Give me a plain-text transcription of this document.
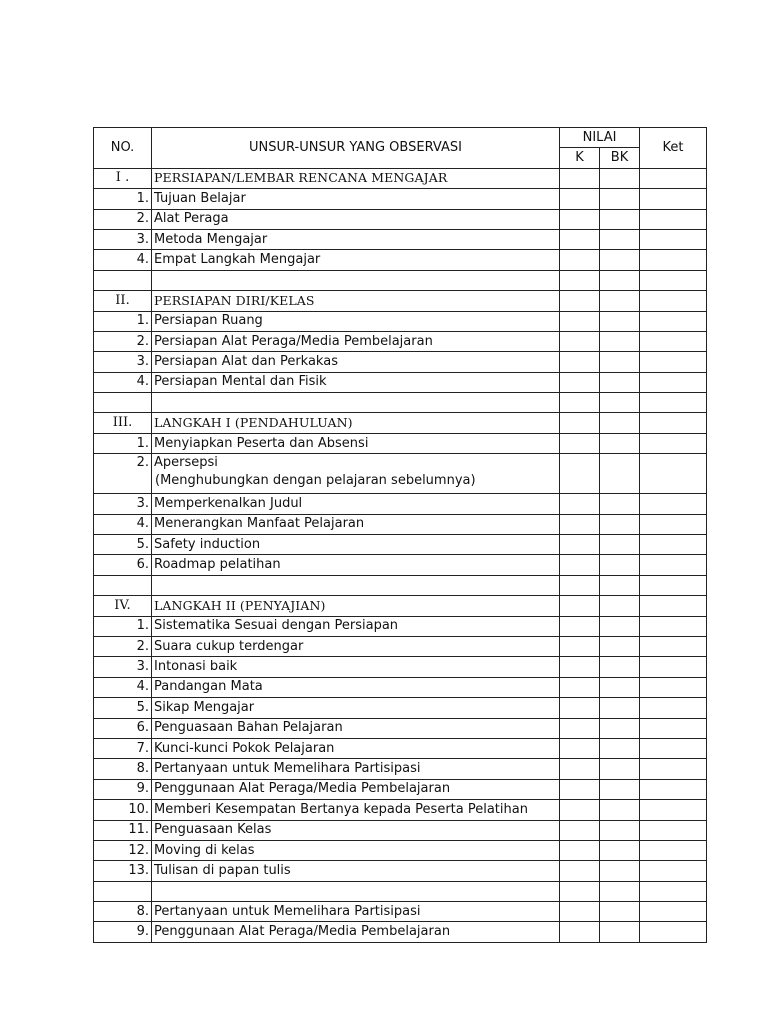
NO.	UNSUR-UNSUR YANG OBSERVASI	NILAI		Ket
		K	BK	
I .	PERSIAPAN/LEMBAR RENCANA MENGAJAR			
1.	Tujuan Belajar			
2.	Alat Peraga			
3.	Metoda Mengajar			
4.	Empat Langkah Mengajar			

II.	PERSIAPAN DIRI/KELAS			
1.	Persiapan Ruang			
2.	Persiapan Alat Peraga/Media Pembelajaran			
3.	Persiapan Alat dan Perkakas			
4.	Persiapan Mental dan Fisik			

III.	LANGKAH I (PENDAHULUAN)			
1.	Menyiapkan Peserta dan Absensi			
2.	Apersepsi
(Menghubungkan dengan pelajaran sebelumnya)			

3.	Memperkenalkan Judul			
4.	Menerangkan Manfaat Pelajaran			
5.	Safety induction			
6.	Roadmap pelatihan			

IV.	LANGKAH II (PENYAJIAN)			
1.	Sistematika Sesuai dengan Persiapan			
2.	Suara cukup terdengar			
3.	Intonasi baik			
4.	Pandangan Mata			
5.	Sikap Mengajar			
6.	Penguasaan Bahan Pelajaran			
7.	Kunci-kunci Pokok Pelajaran			
8.	Pertanyaan untuk Memelihara Partisipasi			
9.	Penggunaan Alat Peraga/Media Pembelajaran			
10.	Memberi Kesempatan Bertanya kepada Peserta Pelatihan			
11.	Penguasaan Kelas			
12.	Moving di kelas			
13.	Tulisan di papan tulis			

8.	Pertanyaan untuk Memelihara Partisipasi			
9.	Penggunaan Alat Peraga/Media Pembelajaran			
